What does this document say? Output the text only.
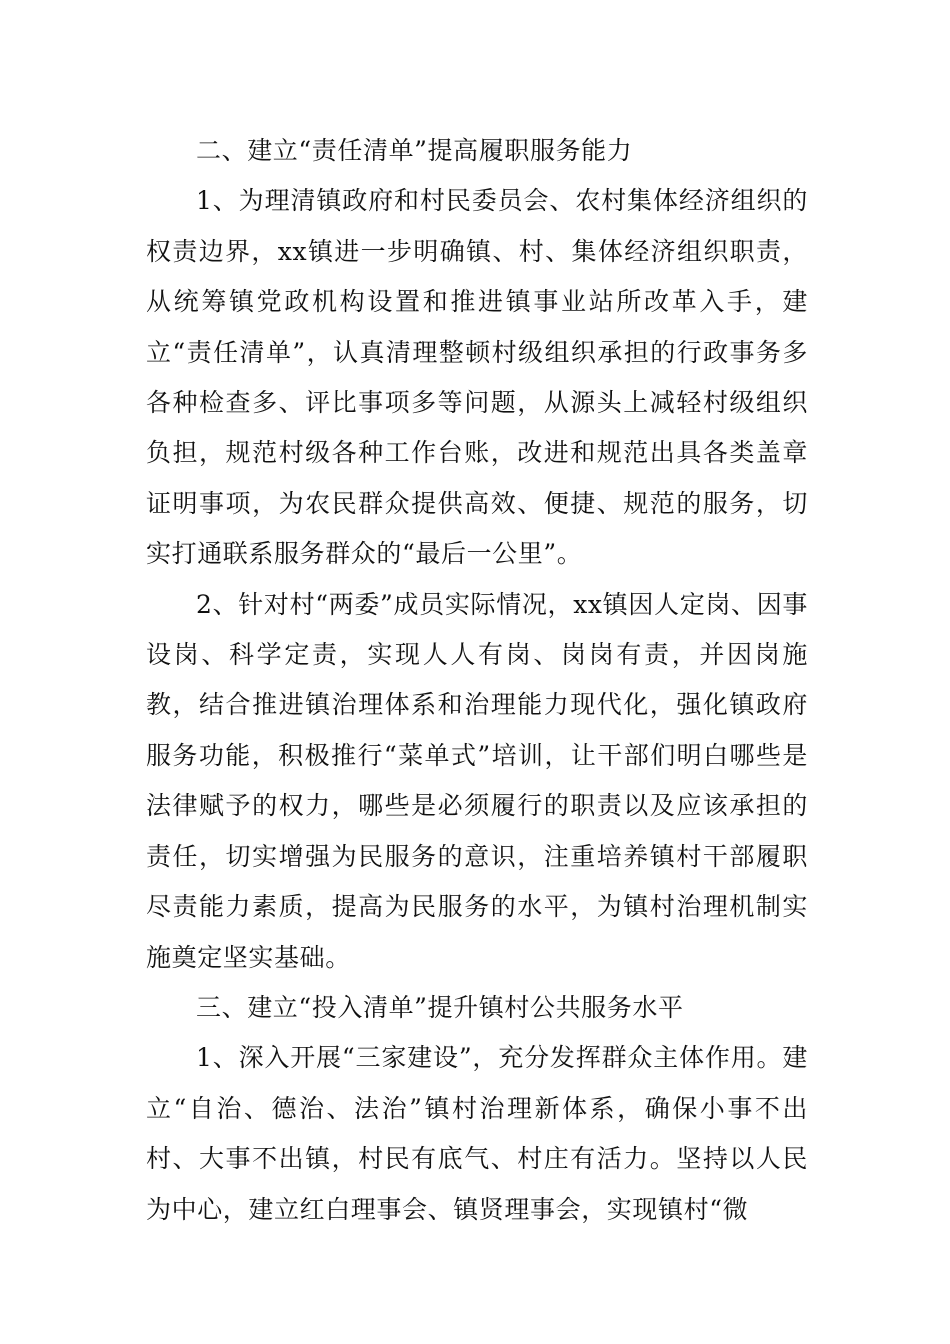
二、建立“责任清单”提高履职服务能力

1、为理清镇政府和村民委员会、农村集体经济组织的权责边界，xx镇进一步明确镇、村、集体经济组织职责，从统筹镇党政机构设置和推进镇事业站所改革入手，建立“责任清单”，认真清理整顿村级组织承担的行政事务多各种检查多、评比事项多等问题，从源头上减轻村级组织负担，规范村级各种工作台账，改进和规范出具各类盖章证明事项，为农民群众提供高效、便捷、规范的服务，切实打通联系服务群众的“最后一公里”。

2、针对村“两委”成员实际情况，xx镇因人定岗、因事设岗、科学定责，实现人人有岗、岗岗有责，并因岗施教，结合推进镇治理体系和治理能力现代化，强化镇政府服务功能，积极推行“菜单式”培训，让干部们明白哪些是法律赋予的权力，哪些是必须履行的职责以及应该承担的责任，切实增强为民服务的意识，注重培养镇村干部履职尽责能力素质，提高为民服务的水平，为镇村治理机制实施奠定坚实基础。

三、建立“投入清单”提升镇村公共服务水平

1、深入开展“三家建设”，充分发挥群众主体作用。建立“自治、德治、法治”镇村治理新体系，确保小事不出村、大事不出镇，村民有底气、村庄有活力。坚持以人民为中心，建立红白理事会、镇贤理事会，实现镇村“微
